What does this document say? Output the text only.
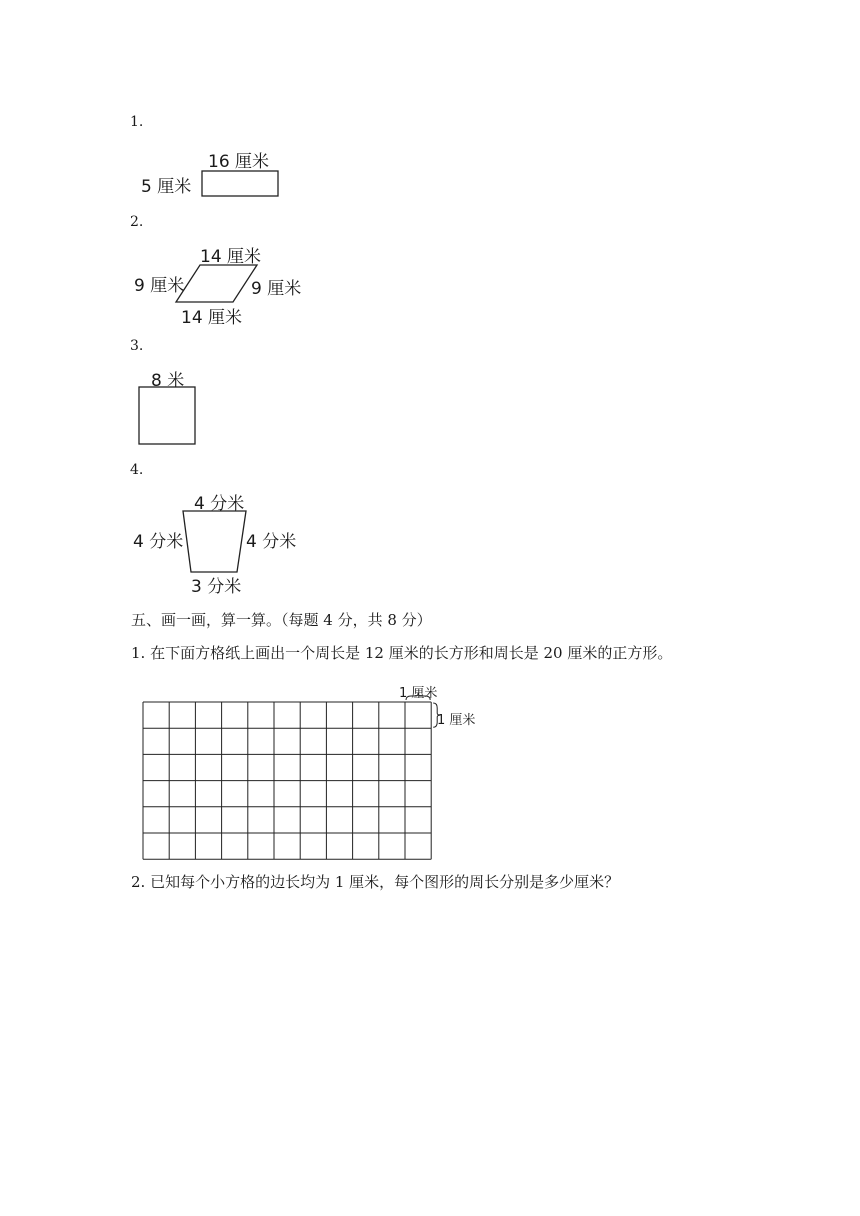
1.
16 厘米
5 厘米
2.
14 厘米
9 厘米	9 厘米
14 厘米
3.
8 米
4.
4 分米
4 分米	4 分米
3 分米
五、画一画，算一算。（每题 4 分，共 8 分）
1. 在下面方格纸上画出一个周长是 12 厘米的长方形和周长是 20 厘米的正方形。
1 厘米
1 厘米
2. 已知每个小方格的边长均为 1 厘米，每个图形的周长分别是多少厘米？
